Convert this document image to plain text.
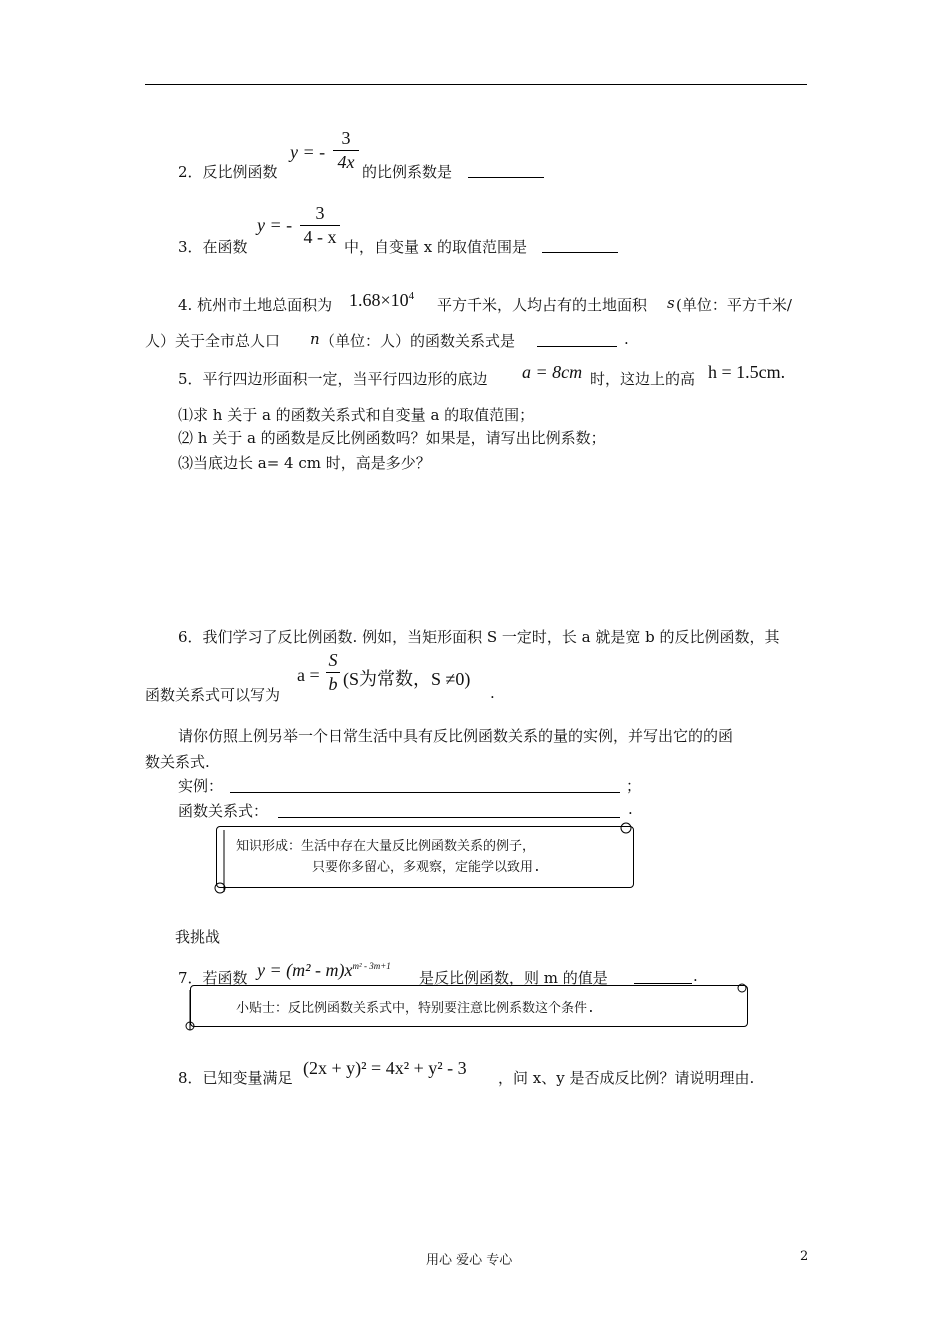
2．反比例函数
y = -
3
4x 的比例系数是
3．在函数
y = -
3
4 - x 中，自变量 x 的取值范围是
4. 杭州市土地总面积为 $1.68\times 10^4$ 平方千米，人均占有的土地面积 s (单位：平方千米/
人）关于全市总人口 n （单位：人）的函数关系式是	.
5．平行四边形面积一定，当平行四边形的底边 a = 8cm 时，这边上的高 h = 1.5cm.
⑴求 h 关于 a 的函数关系式和自变量 a 的取值范围；
⑵ h 关于 a 的函数是反比例函数吗？如果是，请写出比例系数；
⑶当底边长 a= 4 cm 时，高是多少？
6．我们学习了反比例函数. 例如，当矩形面积 S 一定时，长 a 就是宽 b 的反比例函数，其
函数关系式可以写为
a =
S
b (S为常数，S ≠0)
.
请你仿照上例另举一个日常生活中具有反比例函数关系的量的实例，并写出它的的函
数关系式.
实例：	；
函数关系式：	.
知识形成：生活中存在大量反比例函数关系的例子，
只要你多留心，多观察，定能学以致用.
我挑战
7．若函数 $y = (m^2 - m)x^{m^2 - 3m+1}$
是反比例函数，则 m 的值是	.
小贴士：反比例函数关系式中，特别要注意比例系数这个条件.
8．已知变量满足 (2x + y)² = 4x² + y² - 3 ，问 x、y 是否成反比例？请说明理由.
用心 爱心 专心	2
